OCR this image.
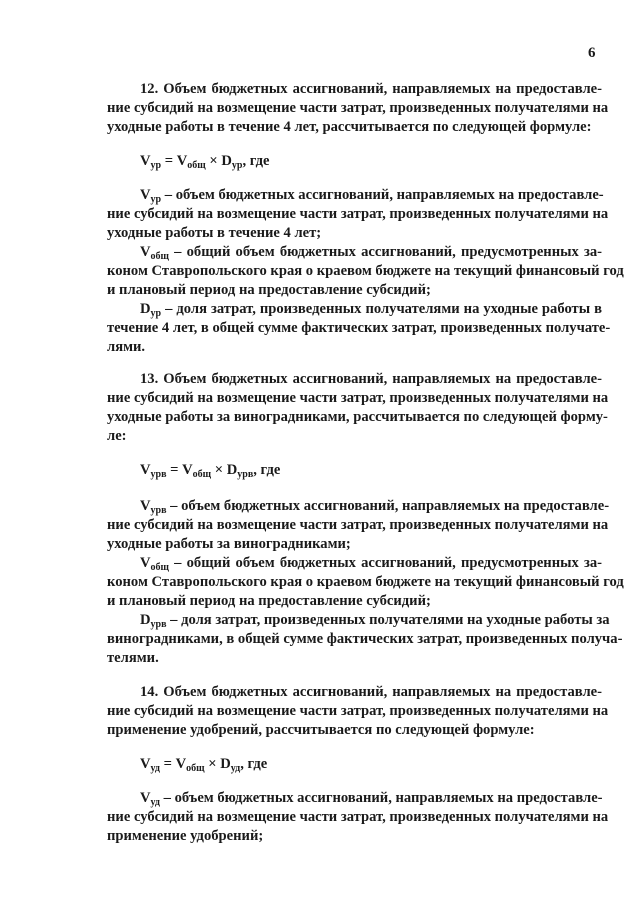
6
12. Объем бюджетных ассигнований, направляемых на предоставле-
ние субсидий на возмещение части затрат, произведенных получателями на
уходные работы в течение 4 лет, рассчитывается по следующей формуле:
$V_{ур} = V_{общ} \times D_{ур}$, где
$V_{ур}$ – объем бюджетных ассигнований, направляемых на предоставле-
ние субсидий на возмещение части затрат, произведенных получателями на
уходные работы в течение 4 лет;
$V_{общ}$ – общий объем бюджетных ассигнований, предусмотренных за-
коном Ставропольского края о краевом бюджете на текущий финансовый год
и плановый период на предоставление субсидий;
$D_{ур}$ – доля затрат, произведенных получателями на уходные работы в
течение 4 лет, в общей сумме фактических затрат, произведенных получате-
лями.
13. Объем бюджетных ассигнований, направляемых на предоставле-
ние субсидий на возмещение части затрат, произведенных получателями на
уходные работы за виноградниками, рассчитывается по следующей форму-
ле:
$V_{урв} = V_{общ} \times D_{урв}$, где
$V_{урв}$ – объем бюджетных ассигнований, направляемых на предоставле-
ние субсидий на возмещение части затрат, произведенных получателями на
уходные работы за виноградниками;
$V_{общ}$ – общий объем бюджетных ассигнований, предусмотренных за-
коном Ставропольского края о краевом бюджете на текущий финансовый год
и плановый период на предоставление субсидий;
$D_{урв}$ – доля затрат, произведенных получателями на уходные работы за
виноградниками, в общей сумме фактических затрат, произведенных получа-
телями.
14. Объем бюджетных ассигнований, направляемых на предоставле-
ние субсидий на возмещение части затрат, произведенных получателями на
применение удобрений, рассчитывается по следующей формуле:
$V_{уд} = V_{общ} \times D_{уд}$, где
$V_{уд}$ – объем бюджетных ассигнований, направляемых на предоставле-
ние субсидий на возмещение части затрат, произведенных получателями на
применение удобрений;
